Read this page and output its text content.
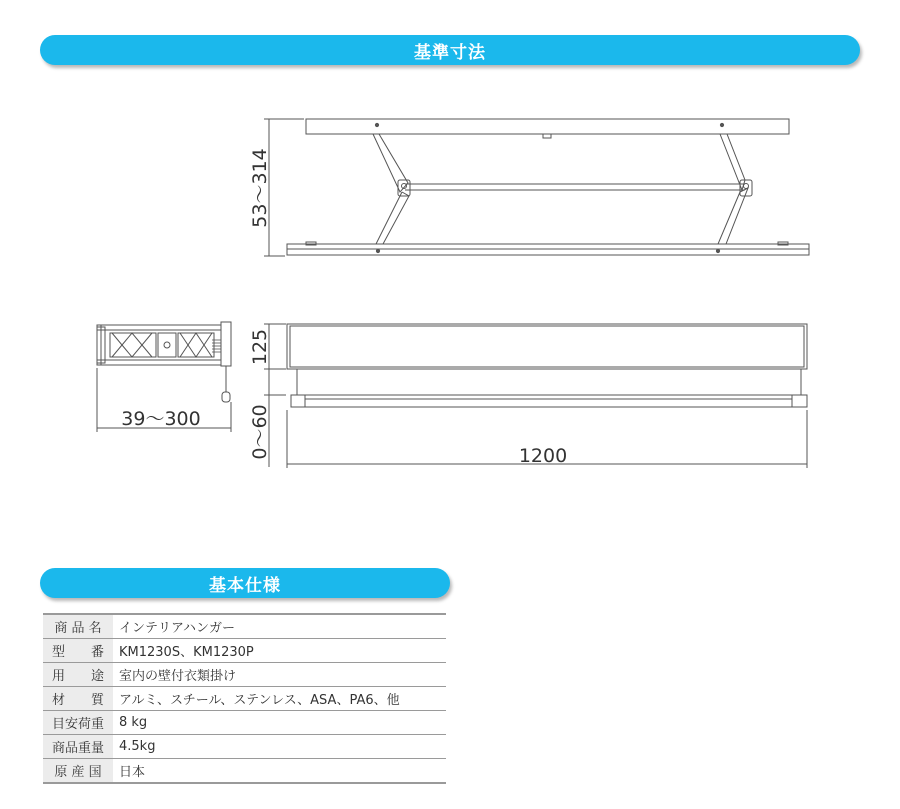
基準寸法
53～314
39～300
125
0～60	1200
基本仕様
商 品 名	インテリアハンガー
型　　番	KM1230S、KM1230P
用　　途	室内の壁付衣類掛け
材　　質	アルミ、スチール、ステンレス、ASA、PA6、他
目安荷重	8 kg
商品重量	4.5kg
原 産 国	日本
